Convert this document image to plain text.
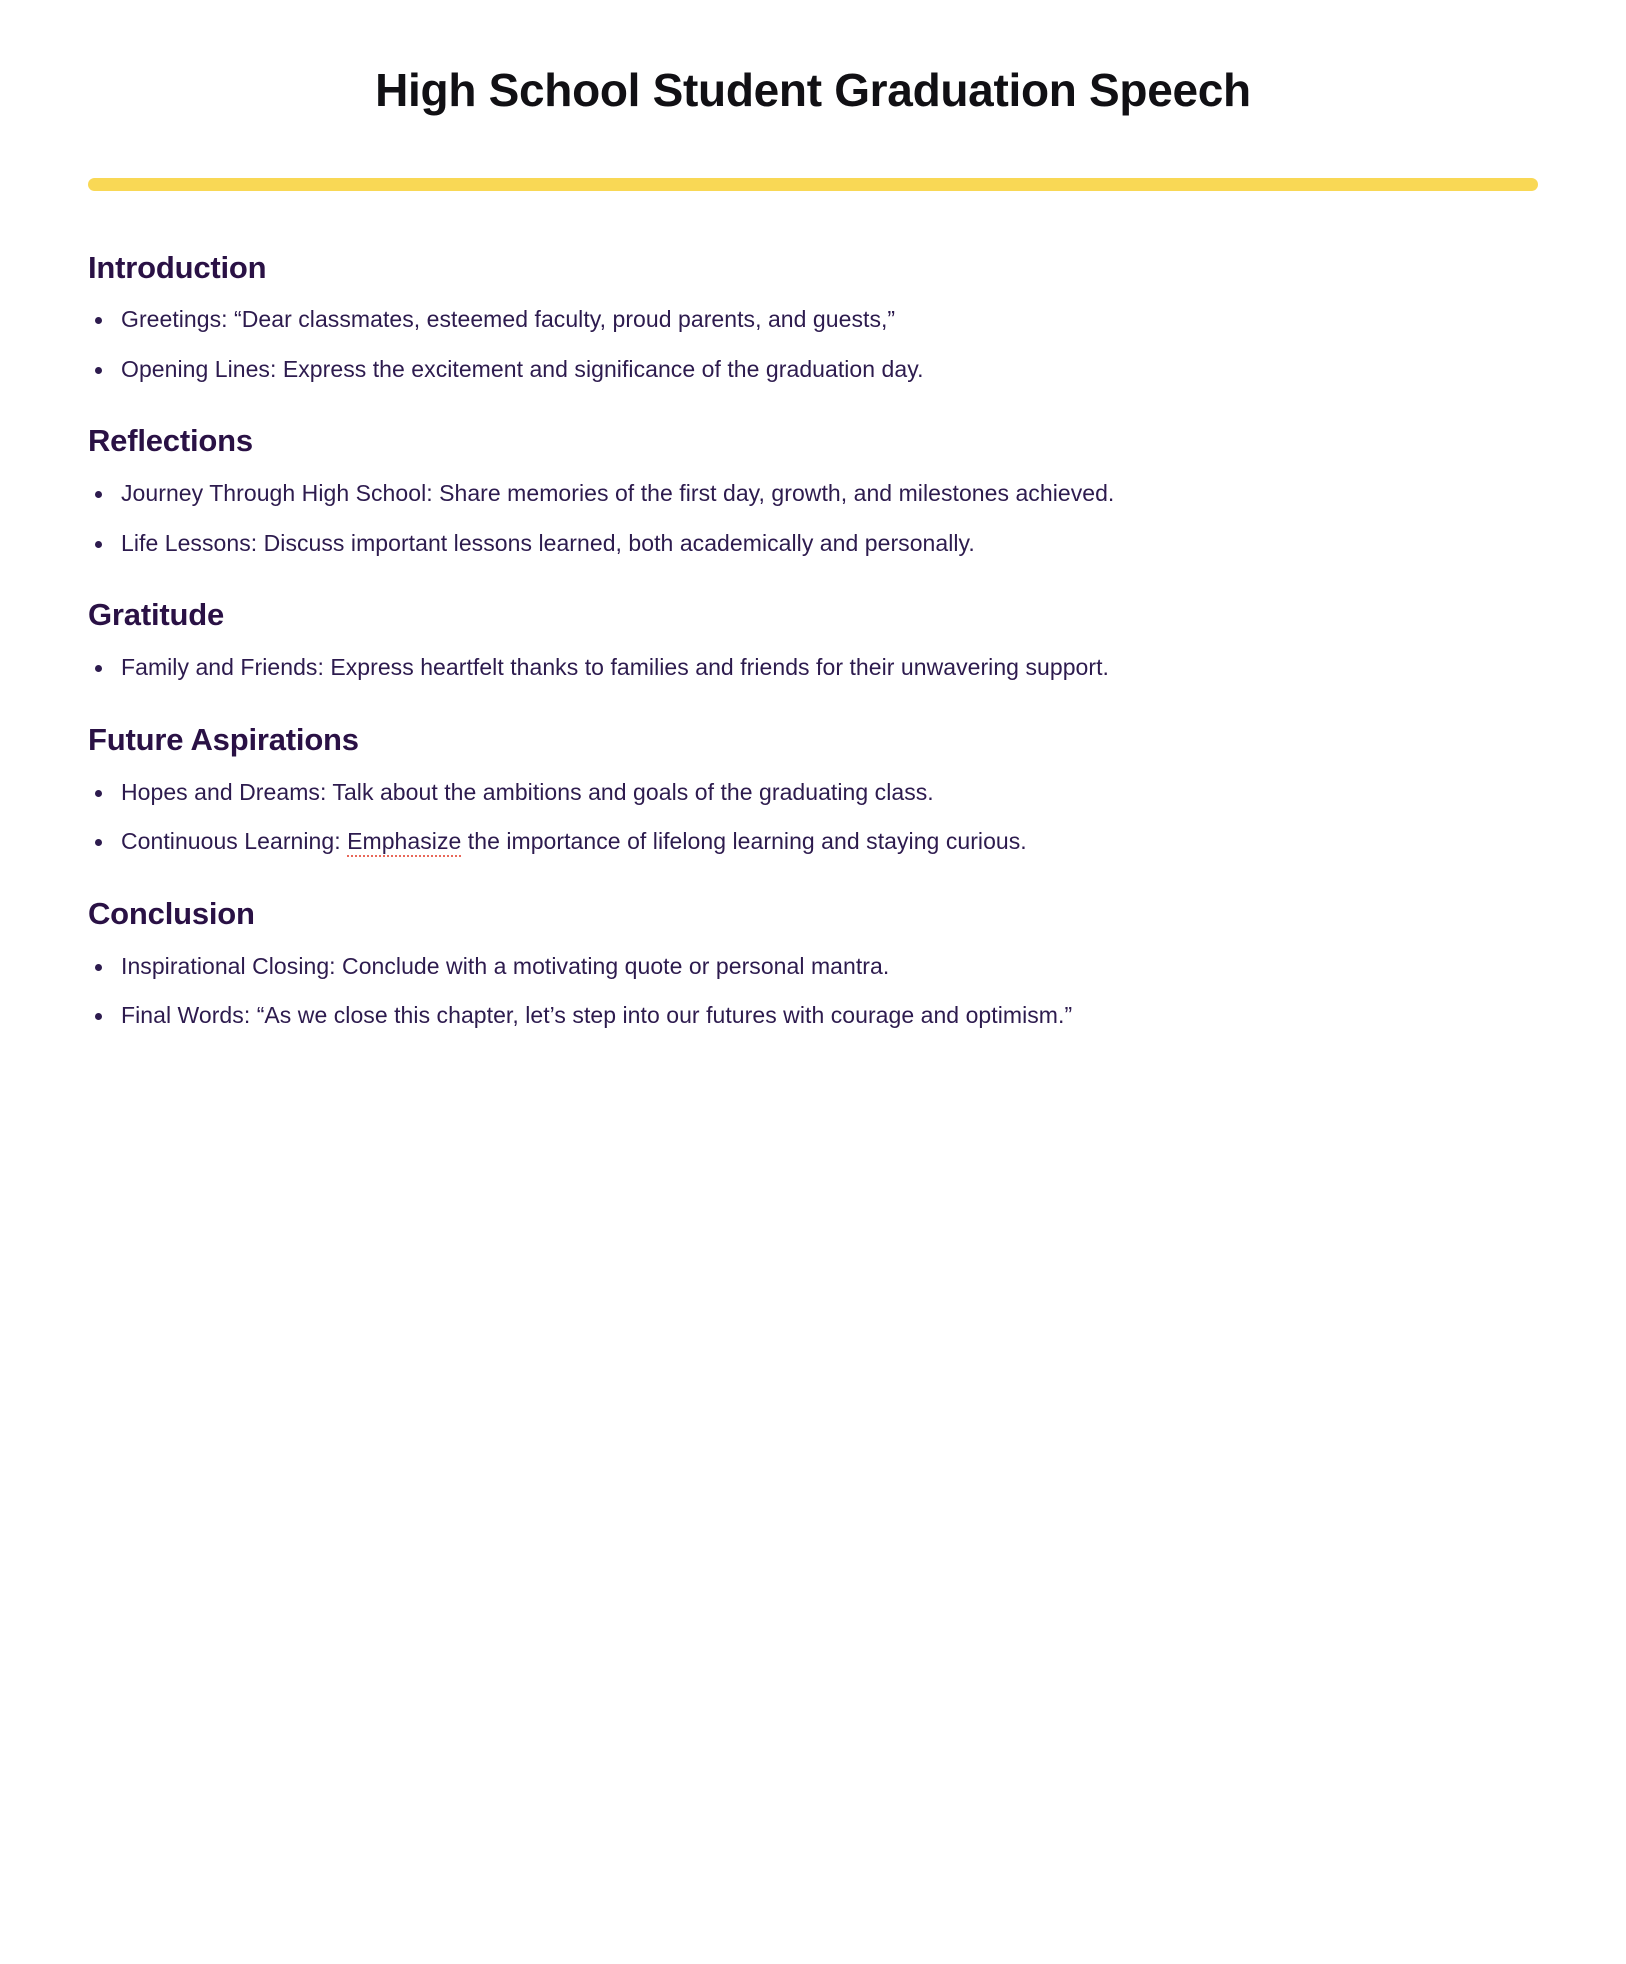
High School Student Graduation Speech
Introduction
Greetings: “Dear classmates, esteemed faculty, proud parents, and guests,”
Opening Lines: Express the excitement and significance of the graduation day.
Reflections
Journey Through High School: Share memories of the first day, growth, and milestones achieved.
Life Lessons: Discuss important lessons learned, both academically and personally.
Gratitude
Family and Friends: Express heartfelt thanks to families and friends for their unwavering support.
Future Aspirations
Hopes and Dreams: Talk about the ambitions and goals of the graduating class.
Continuous Learning: Emphasize the importance of lifelong learning and staying curious.
Conclusion
Inspirational Closing: Conclude with a motivating quote or personal mantra.
Final Words: “As we close this chapter, let’s step into our futures with courage and optimism.”
